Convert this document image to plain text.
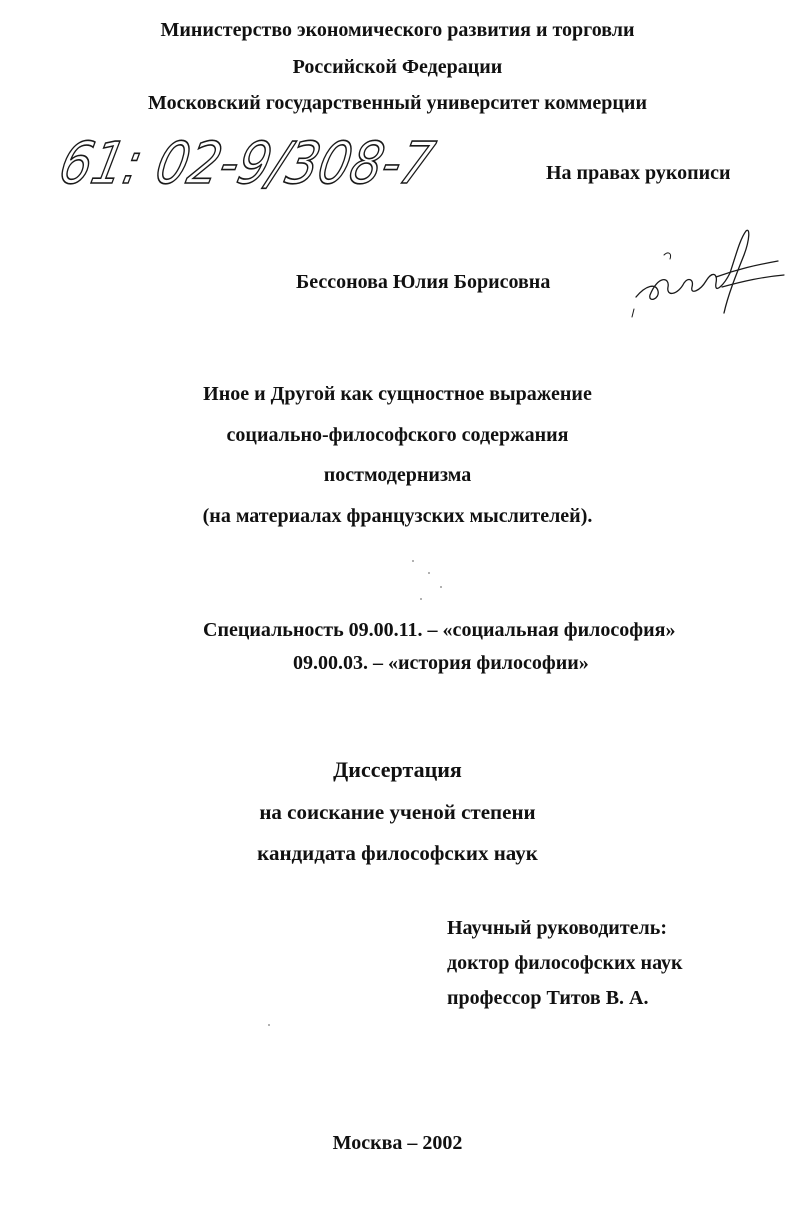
Министерство экономического развития и торговли
Российской Федерации
Московский государственный университет коммерции
61: 02-9/308-7	На правах рукописи
Бессонова Юлия Борисовна
Иное и Другой как сущностное выражение
социально-философского содержания
постмодернизма
(на материалах французских мыслителей).
Специальность 09.00.11. – «социальная философия»
09.00.03. – «история философии»
Диссертация
на соискание ученой степени
кандидата философских наук
Научный руководитель:
доктор философских наук
профессор Титов В. А.
Москва – 2002
